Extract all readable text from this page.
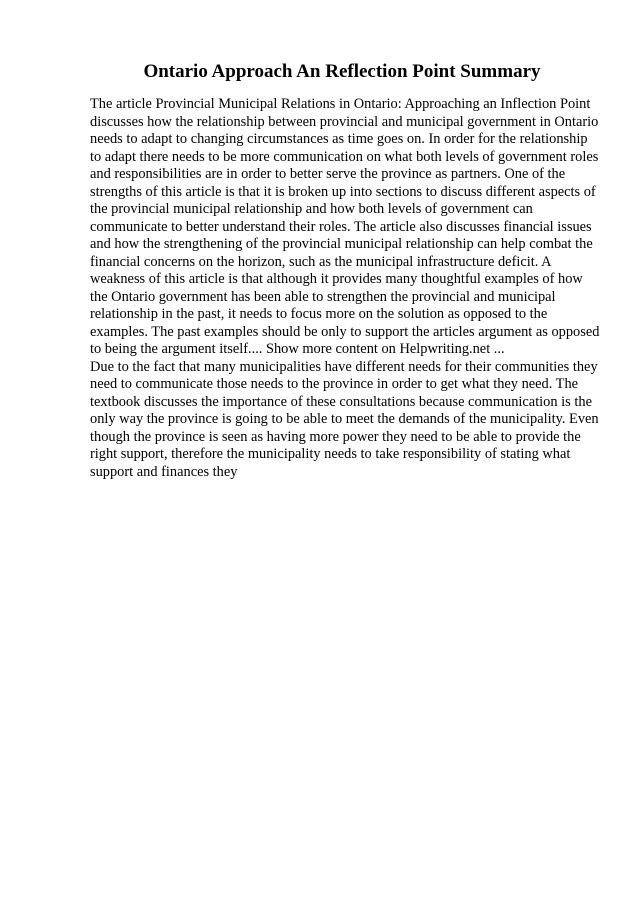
Ontario Approach An Reflection Point Summary

The article Provincial Municipal Relations in Ontario: Approaching an Inflection Point discusses how the relationship between provincial and municipal government in Ontario needs to adapt to changing circumstances as time goes on. In order for the relationship to adapt there needs to be more communication on what both levels of government roles and responsibilities are in order to better serve the province as partners. One of the strengths of this article is that it is broken up into sections to discuss different aspects of the provincial municipal relationship and how both levels of government can communicate to better understand their roles. The article also discusses financial issues and how the strengthening of the provincial municipal relationship can help combat the financial concerns on the horizon, such as the municipal infrastructure deficit. A weakness of this article is that although it provides many thoughtful examples of how the Ontario government has been able to strengthen the provincial and municipal relationship in the past, it needs to focus more on the solution as opposed to the examples. The past examples should be only to support the articles argument as opposed to being the argument itself.... Show more content on Helpwriting.net ...

Due to the fact that many municipalities have different needs for their communities they need to communicate those needs to the province in order to get what they need. The textbook discusses the importance of these consultations because communication is the only way the province is going to be able to meet the demands of the municipality. Even though the province is seen as having more power they need to be able to provide the right support, therefore the municipality needs to take responsibility of stating what support and finances they
